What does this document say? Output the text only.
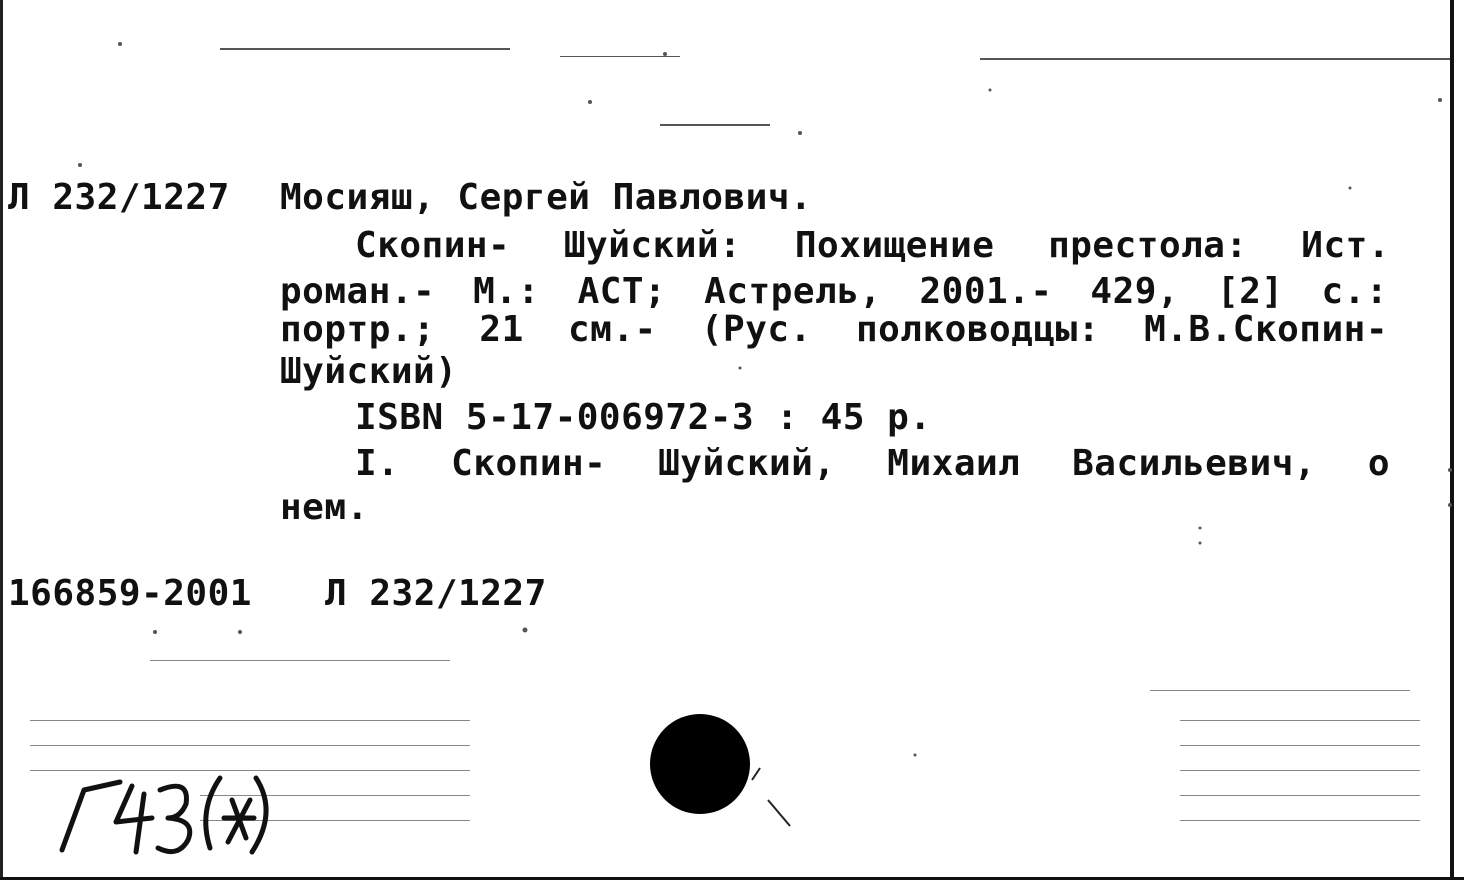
Л 232/1227 Мосияш, Сергей Павлович.
Скопин- Шуйский: Похищение престола: Ист.
роман.- М.: АСТ; Астрель, 2001.- 429, [2] с.:
портр.; 21 см.- (Рус. полководцы: М.В.Скопин-
Шуйский)
ISBN 5-17-006972-3 : 45 р.
I. Скопин- Шуйский, Михаил Васильевич, о
нем.
166859-2001 Л 232/1227
